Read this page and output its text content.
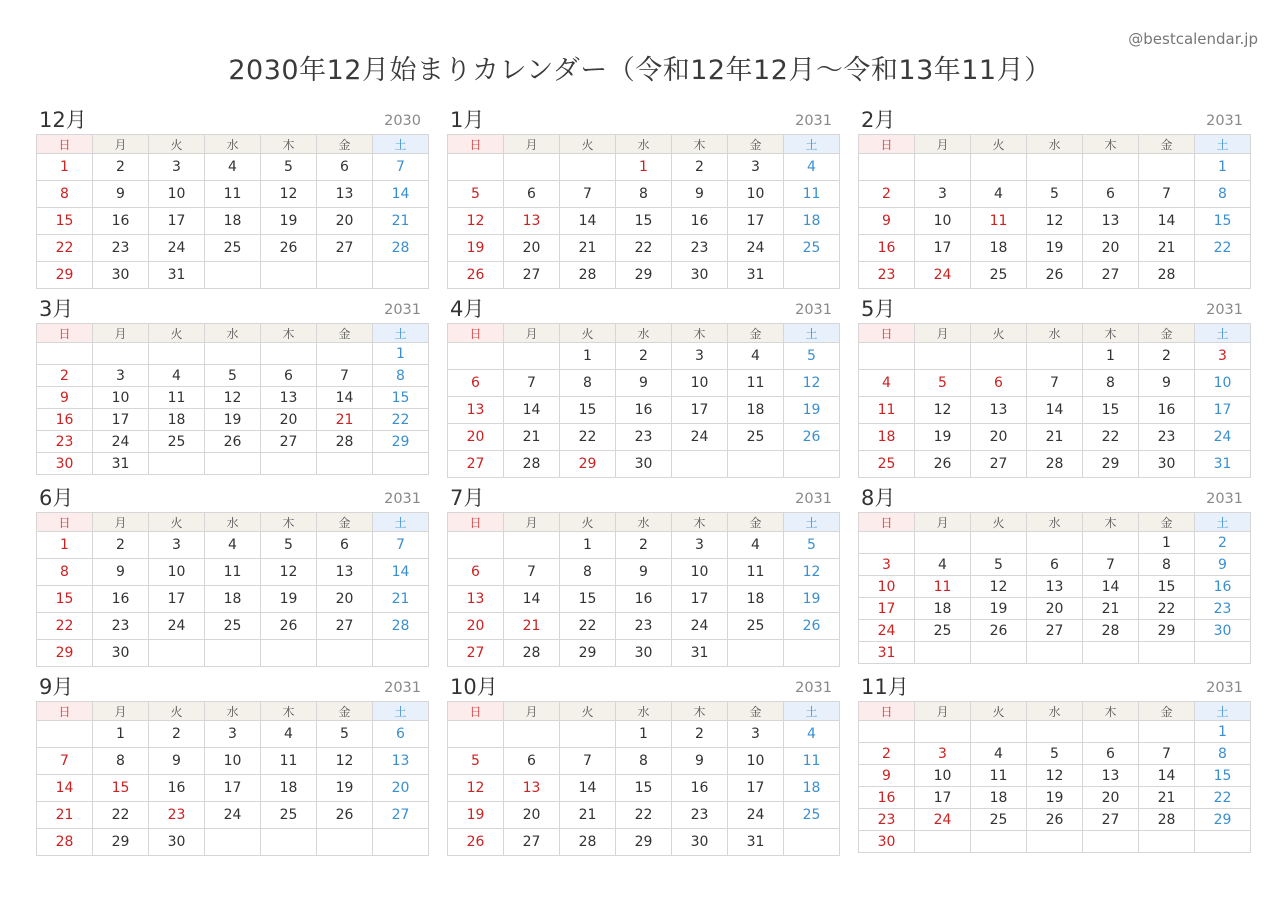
@bestcalendar.jp
2030年12月始まりカレンダー（令和12年12月〜令和13年11月）
12月	2030
日	月	火	水	木	金	土
1	2	3	4	5	6	7
8	9	10	11	12	13	14
15	16	17	18	19	20	21
22	23	24	25	26	27	28
29	30	31				
1月	2031
日	月	火	水	木	金	土
			1	2	3	4
5	6	7	8	9	10	11
12	13	14	15	16	17	18
19	20	21	22	23	24	25
26	27	28	29	30	31	
2月	2031
日	月	火	水	木	金	土
						1
2	3	4	5	6	7	8
9	10	11	12	13	14	15
16	17	18	19	20	21	22
23	24	25	26	27	28	
3月	2031
日	月	火	水	木	金	土
						1
2	3	4	5	6	7	8
9	10	11	12	13	14	15
16	17	18	19	20	21	22
23	24	25	26	27	28	29
30	31					
4月	2031
日	月	火	水	木	金	土
		1	2	3	4	5
6	7	8	9	10	11	12
13	14	15	16	17	18	19
20	21	22	23	24	25	26
27	28	29	30			
5月	2031
日	月	火	水	木	金	土
				1	2	3
4	5	6	7	8	9	10
11	12	13	14	15	16	17
18	19	20	21	22	23	24
25	26	27	28	29	30	31
6月	2031
日	月	火	水	木	金	土
1	2	3	4	5	6	7
8	9	10	11	12	13	14
15	16	17	18	19	20	21
22	23	24	25	26	27	28
29	30					
7月	2031
日	月	火	水	木	金	土
		1	2	3	4	5
6	7	8	9	10	11	12
13	14	15	16	17	18	19
20	21	22	23	24	25	26
27	28	29	30	31		
8月	2031
日	月	火	水	木	金	土
					1	2
3	4	5	6	7	8	9
10	11	12	13	14	15	16
17	18	19	20	21	22	23
24	25	26	27	28	29	30
31						
9月	2031
日	月	火	水	木	金	土
	1	2	3	4	5	6
7	8	9	10	11	12	13
14	15	16	17	18	19	20
21	22	23	24	25	26	27
28	29	30				
10月	2031
日	月	火	水	木	金	土
			1	2	3	4
5	6	7	8	9	10	11
12	13	14	15	16	17	18
19	20	21	22	23	24	25
26	27	28	29	30	31	
11月	2031
日	月	火	水	木	金	土
						1
2	3	4	5	6	7	8
9	10	11	12	13	14	15
16	17	18	19	20	21	22
23	24	25	26	27	28	29
30						
